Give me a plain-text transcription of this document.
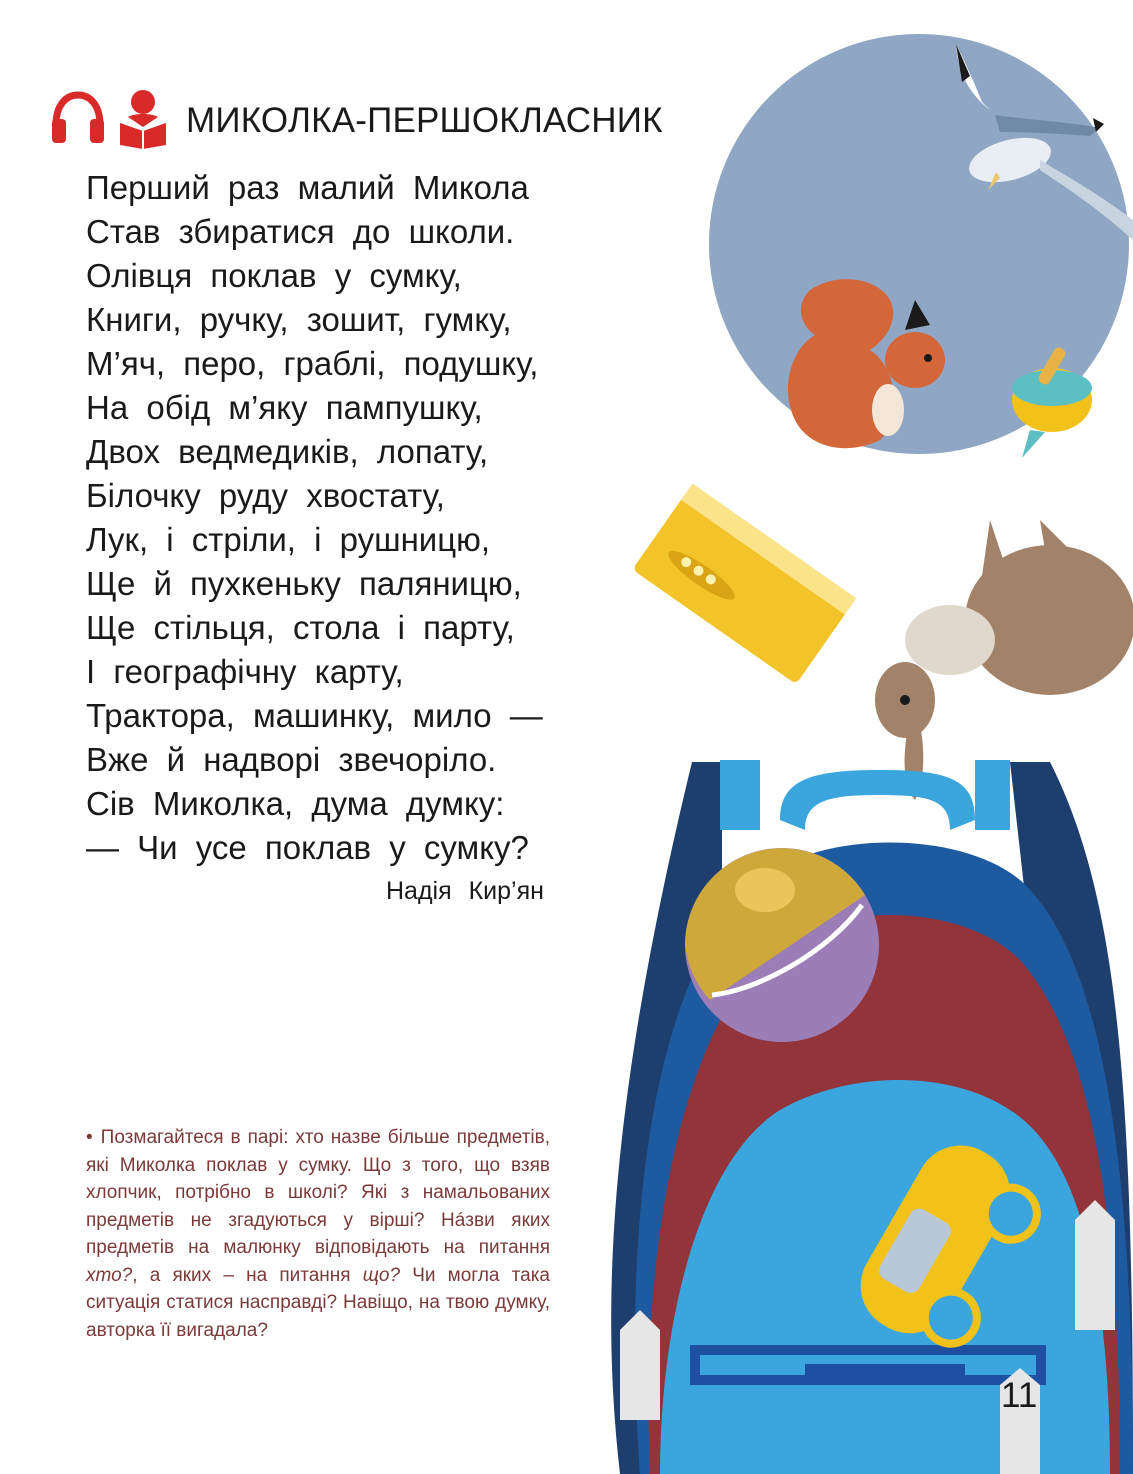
МИКОЛКА-ПЕРШОКЛАСНИК
Перший раз малий Микола
Став збиратися до школи.
Олівця поклав у сумку,
Книги, ручку, зошит, гумку,
М’яч, перо, граблі, подушку,
На обід м’яку пампушку,
Двох ведмедиків, лопату,
Білочку руду хвостату,
Лук, і стріли, і рушницю,
Ще й пухкеньку паляницю,
Ще стільця, стола і парту,
І географічну карту,
Трактора, машинку, мило —
Вже й надворі звечоріло.
Сів Миколка, дума думку:
— Чи усе поклав у сумку?
Надія Кир’ян
• Позмагайтеся в парі: хто назве більше предметів, які Миколка поклав у сумку. Що з того, що взяв хлопчик, потрібно в школі? Які з намальованих предметів не згадуються у вірші? Нáзви яких предметів на малюнку відповідають на питання хто?, а яких – на питання що? Чи могла така ситуація статися насправді? Навіщо, на твою думку, авторка її вигадала?
11
